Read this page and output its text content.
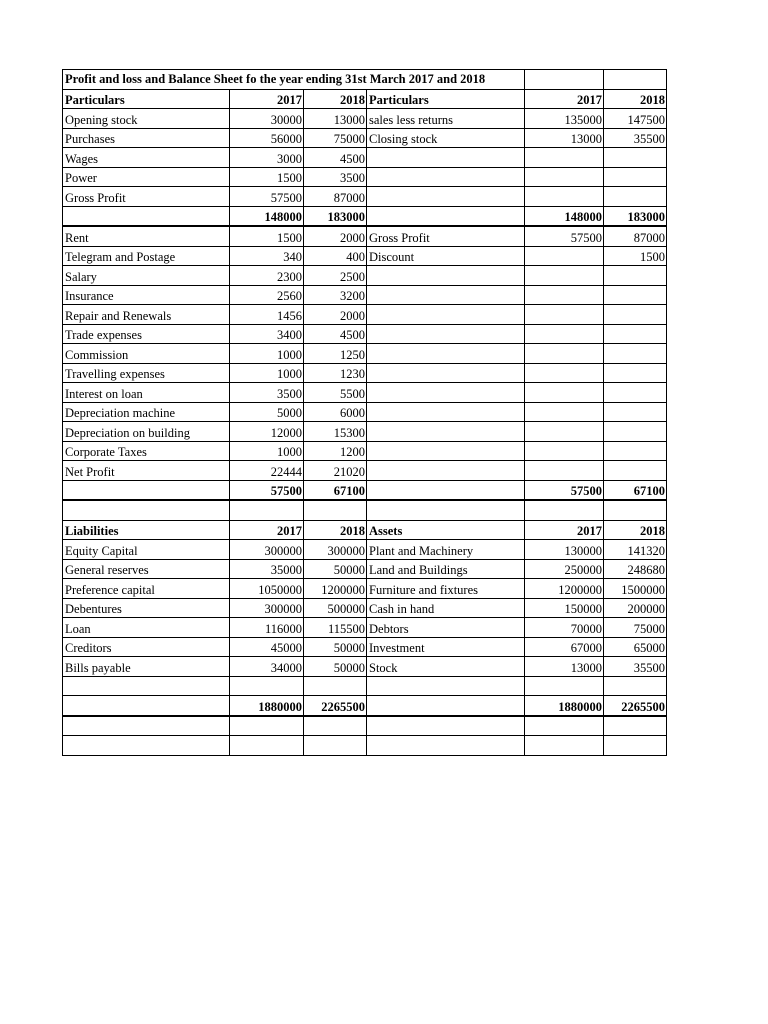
Profit and loss and Balance Sheet fo the year ending 31st March 2017 and 2018					

Particulars	2017	2018	Particulars	2017	2018
Opening stock	30000	13000	sales less returns	135000	147500
Purchases	56000	75000	Closing stock	13000	35500
Wages	3000	4500			
Power	1500	3500			
Gross Profit	57500	87000			
	148000	183000		148000	183000
Rent	1500	2000	Gross Profit	57500	87000
Telegram and Postage	340	400	Discount		1500
Salary	2300	2500			
Insurance	2560	3200			
Repair and Renewals	1456	2000			
Trade expenses	3400	4500			
Commission	1000	1250			
Travelling expenses	1000	1230			
Interest on loan	3500	5500			
Depreciation machine	5000	6000			
Depreciation on building	12000	15300			
Corporate Taxes	1000	1200			
Net Profit	22444	21020			
	57500	67100		57500	67100

Liabilities	2017	2018	Assets	2017	2018
Equity Capital	300000	300000	Plant and Machinery	130000	141320
General reserves	35000	50000	Land and Buildings	250000	248680
Preference capital	1050000	1200000	Furniture and fixtures	1200000	1500000
Debentures	300000	500000	Cash in hand	150000	200000
Loan	116000	115500	Debtors	70000	75000
Creditors	45000	50000	Investment	67000	65000
Bills payable	34000	50000	Stock	13000	35500

	1880000	2265500		1880000	2265500
